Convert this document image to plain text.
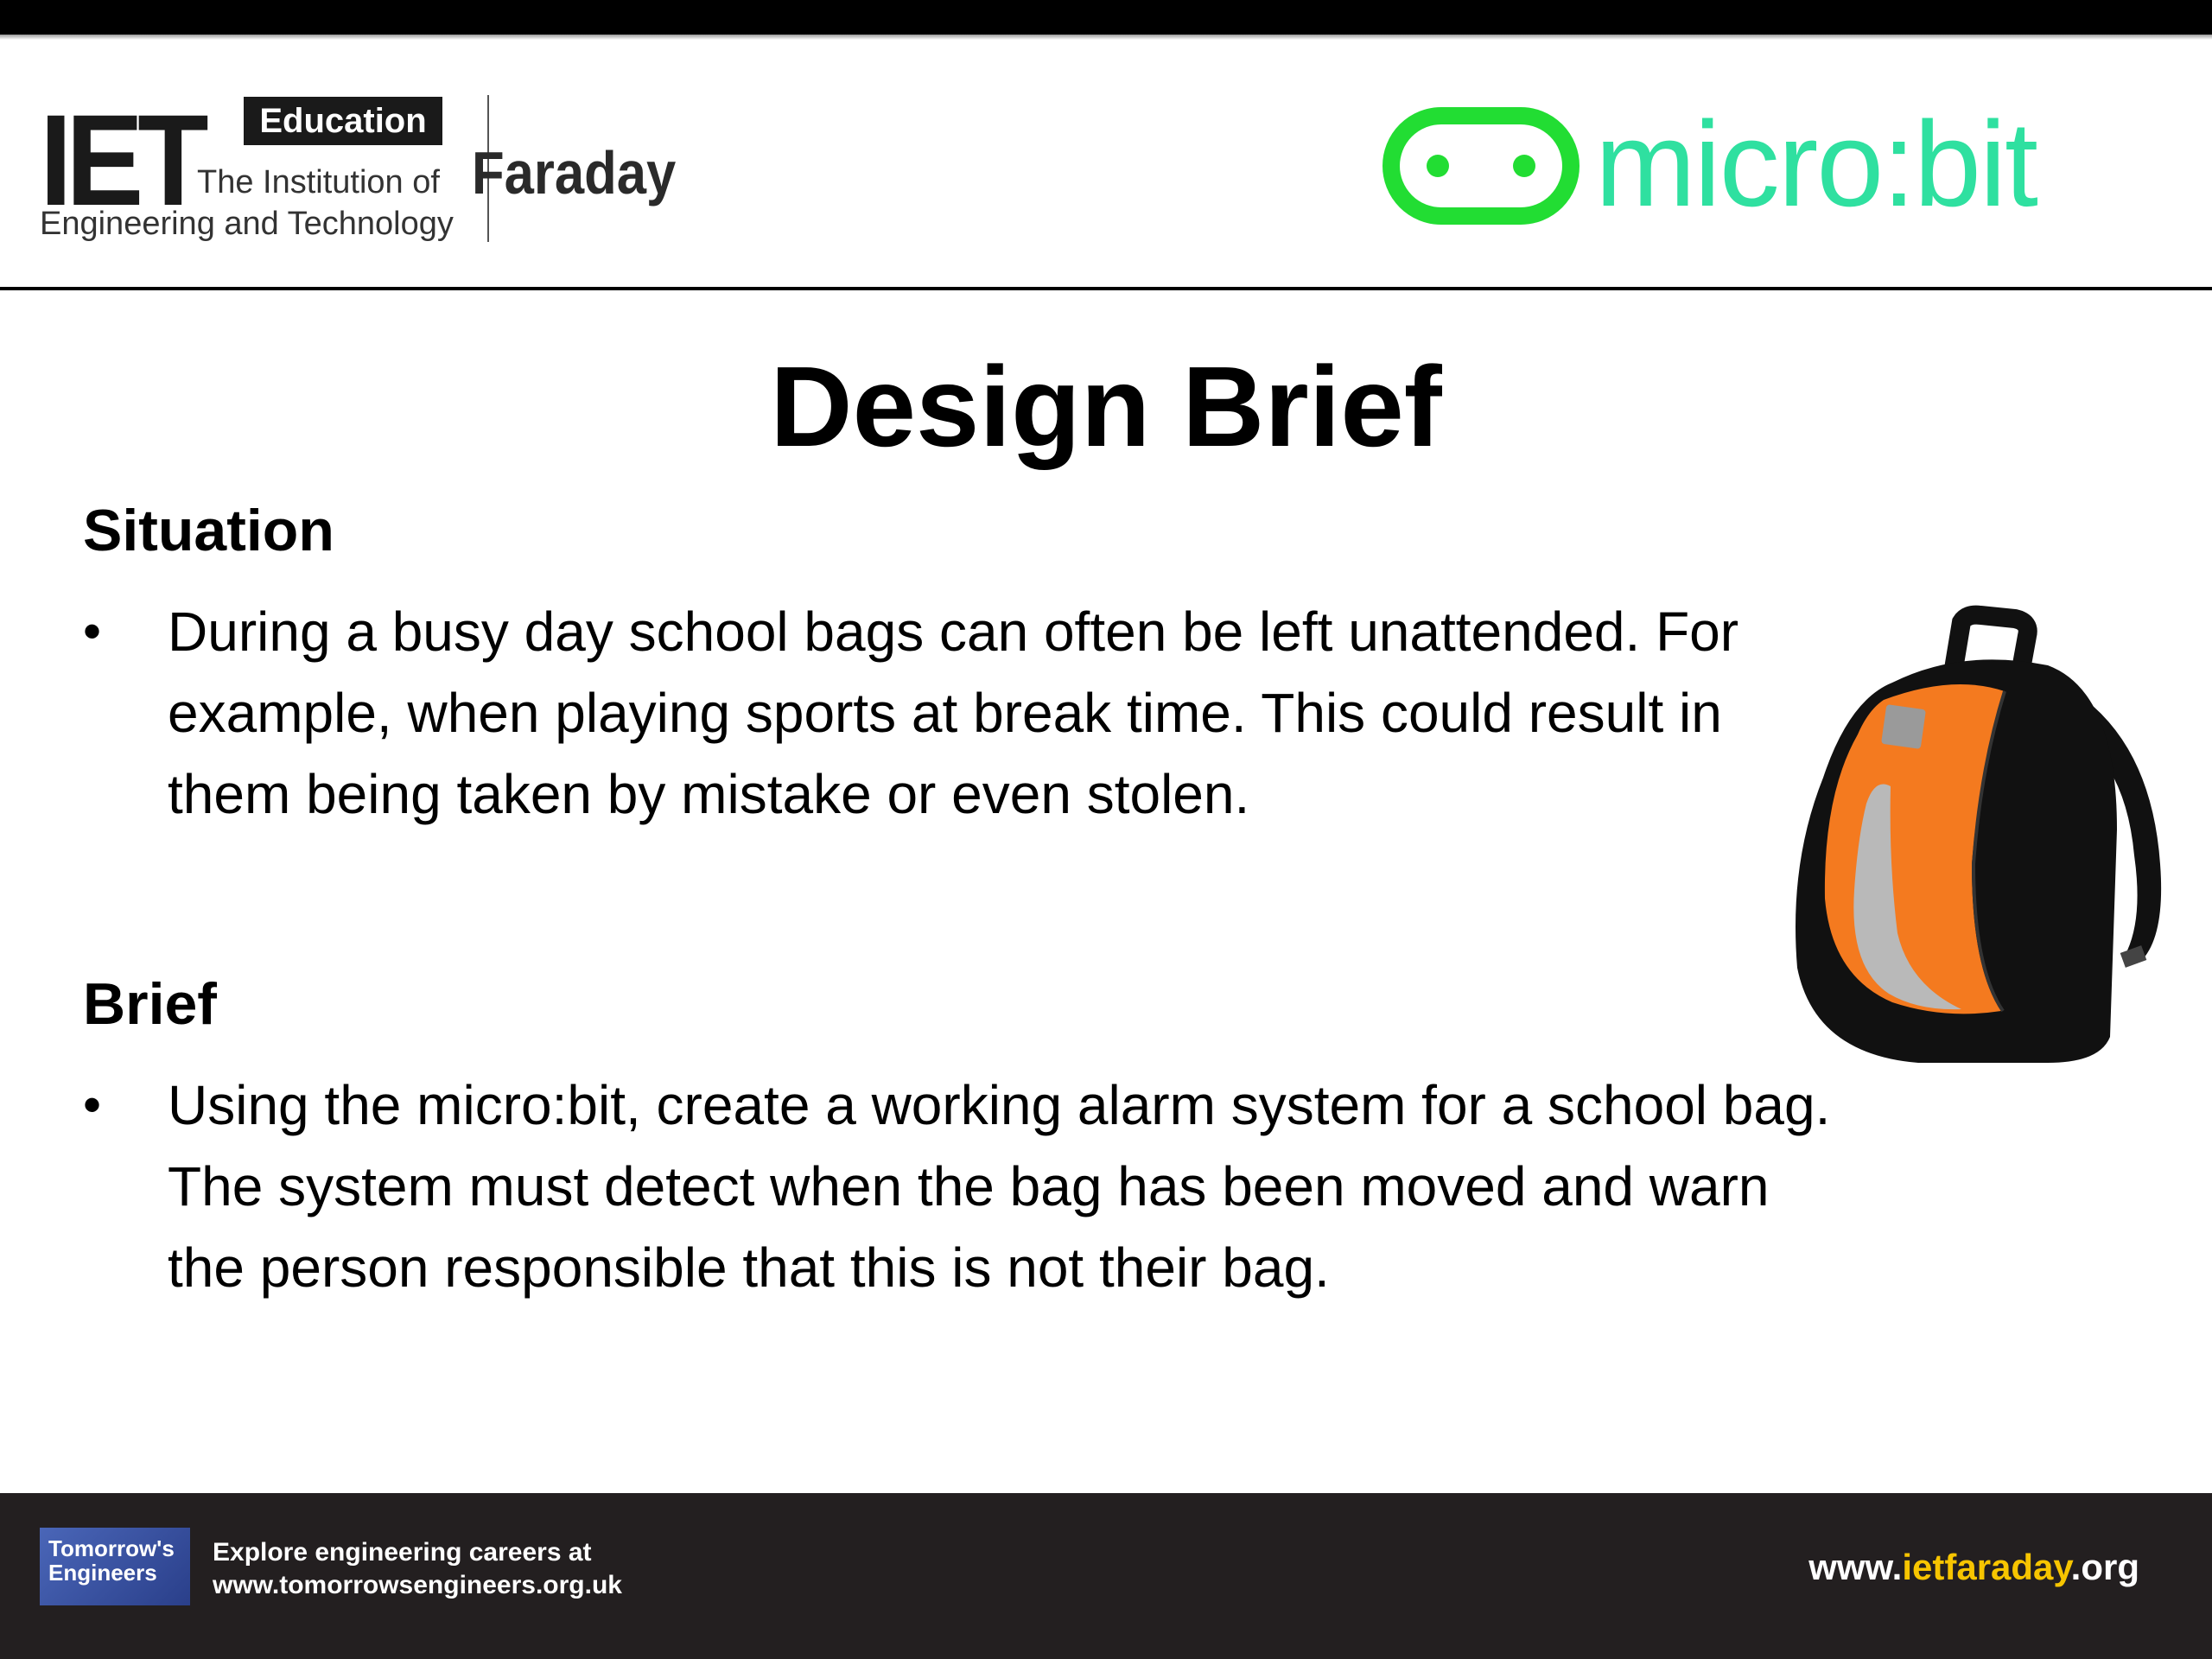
IET	Education
The Institution of
Engineering and Technology
Faraday	micro:bit
Design Brief
Situation
• During a busy day school bags can often be left unattended. For example, when playing sports at break time. This could result in them being taken by mistake or even stolen.
Brief
• Using the micro:bit, create a working alarm system for a school bag. The system must detect when the bag has been moved and warn the person responsible that this is not their bag.
Tomorrow's
Engineers
Explore engineering careers at
www.tomorrowsengineers.org.uk	www.ietfaraday.org
